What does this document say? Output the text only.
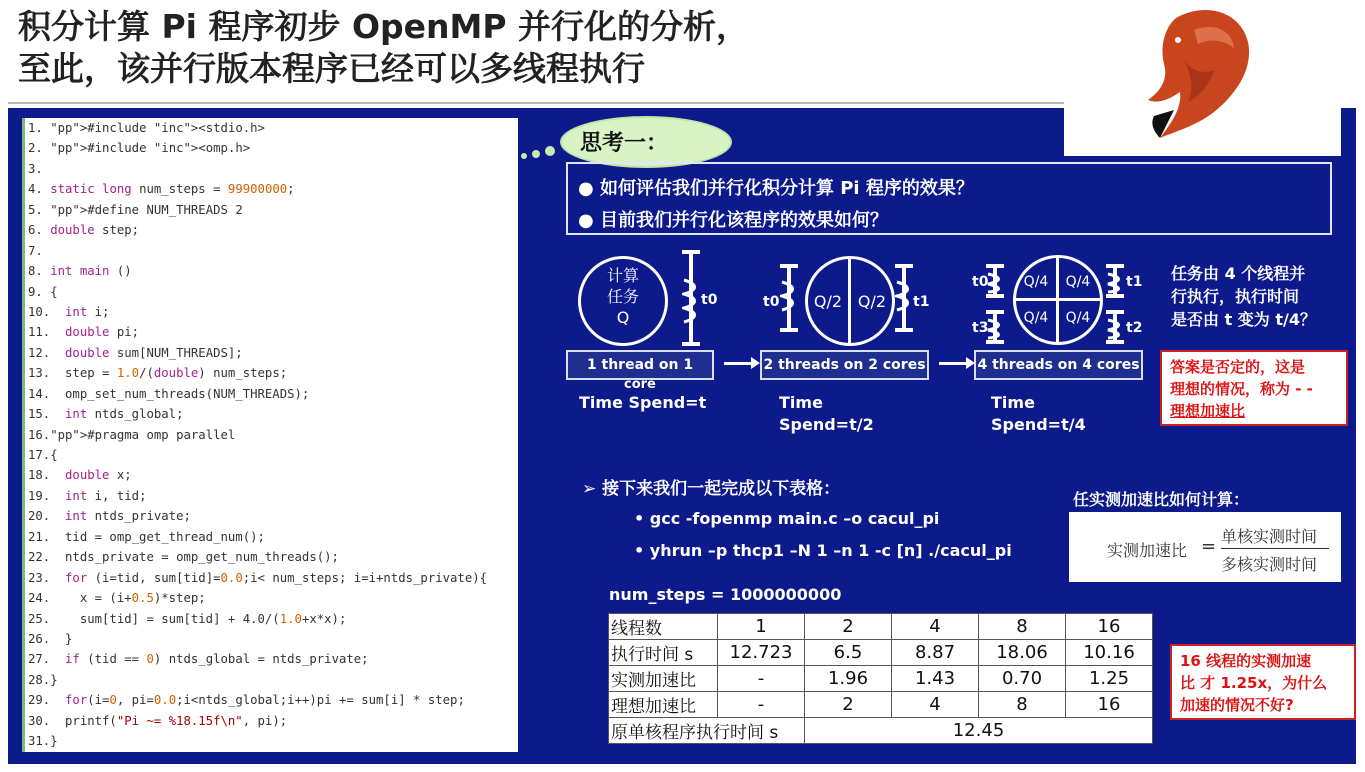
积分计算 Pi 程序初步 OpenMP 并行化的分析，
至此，该并行版本程序已经可以多线程执行
1. "pp">#include "inc"><stdio.h>
2. "pp">#include "inc"><omp.h>
3.
4. static long num_steps = 99900000;
5. "pp">#define NUM_THREADS 2
6. double step;
7.
8. int main ()
9. {
10.  int i;
11.  double pi;
12.  double sum[NUM_THREADS];
13.  step = 1.0/(double) num_steps;
14.  omp_set_num_threads(NUM_THREADS);
15.  int ntds_global;
16."pp">#pragma omp parallel
17.{
18.  double x;
19.  int i, tid;
20.  int ntds_private;
21.  tid = omp_get_thread_num();
22.  ntds_private = omp_get_num_threads();
23.  for (i=tid, sum[tid]=0.0;i< num_steps; i=i+ntds_private){
24.    x = (i+0.5)*step;
25.    sum[tid] = sum[tid] + 4.0/(1.0+x*x);
26.  }
27.  if (tid == 0) ntds_global = ntds_private;
28.}
29.  for(i=0, pi=0.0;i<ntds_global;i++)pi += sum[i] * step;
30.  printf("Pi ~= %18.15f\n", pi);
31.}
思考一：
● 如何评估我们并行化积分计算 Pi 程序的效果？
● 目前我们并行化该程序的效果如何？
计算
任务
Q
Q/2 Q/2
Q/4	Q/4
Q/4	Q/4
t0	t0	t1
t0
t3
t1
t2
1 thread on 1
core
2 threads on 2 cores	4 threads on 4 cores
Time Spend=t	Time
Spend=t/2
Time
Spend=t/4
任务由 4 个线程并
行执行，执行时间
是否由 t 变为 t/4？
答案是否定的，这是
理想的情况，称为 - -
理想加速比
➢ 接下来我们一起完成以下表格：
• gcc -fopenmp main.c –o cacul_pi
• yhrun –p thcp1 –N 1 –n 1 -c [n] ./cacul_pi
任实测加速比如何计算：
实测加速比 = 单核实测时间
多核实测时间
num_steps = 1000000000
线程数	1	2	4	8	16
执行时间 s	12.723	6.5	8.87	18.06	10.16
实测加速比	-	1.96	1.43	0.70	1.25
理想加速比	-	2	4	8	16
原单核程序执行时间 s		12.45			
16 线程的实测加速
比 才 1.25x，为什么
加速的情况不好?
